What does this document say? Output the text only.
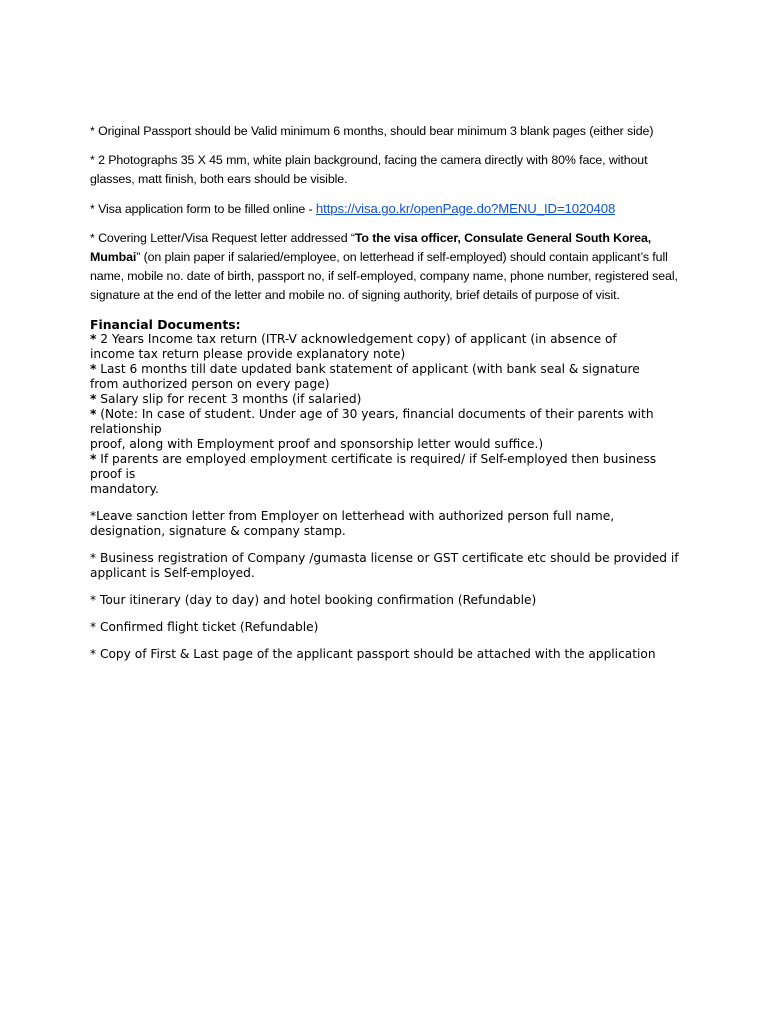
* Original Passport should be Valid minimum 6 months, should bear minimum 3 blank pages (either side)

* 2 Photographs 35 X 45 mm, white plain background, facing the camera directly with 80% face, without glasses, matt finish, both ears should be visible.

* Visa application form to be filled online - https://visa.go.kr/openPage.do?MENU_ID=1020408

* Covering Letter/Visa Request letter addressed “To the visa officer, Consulate General South Korea, Mumbai” (on plain paper if salaried/employee, on letterhead if self-employed) should contain applicant’s full name, mobile no. date of birth, passport no, if self-employed, company name, phone number, registered seal, signature at the end of the letter and mobile no. of signing authority, brief details of purpose of visit.

Financial Documents:
* 2 Years Income tax return (ITR-V acknowledgement copy) of applicant (in absence of
income tax return please provide explanatory note)
* Last 6 months till date updated bank statement of applicant (with bank seal & signature
from authorized person on every page)
* Salary slip for recent 3 months (if salaried)
* (Note: In case of student. Under age of 30 years, financial documents of their parents with
relationship
proof, along with Employment proof and sponsorship letter would suffice.)
* If parents are employed employment certificate is required/ if Self-employed then business
proof is
mandatory.

*Leave sanction letter from Employer on letterhead with authorized person full name, designation, signature & company stamp.

* Business registration of Company /gumasta license or GST certificate etc should be provided if applicant is Self-employed.

* Tour itinerary (day to day) and hotel booking confirmation (Refundable)

* Confirmed flight ticket (Refundable)

* Copy of First & Last page of the applicant passport should be attached with the application
